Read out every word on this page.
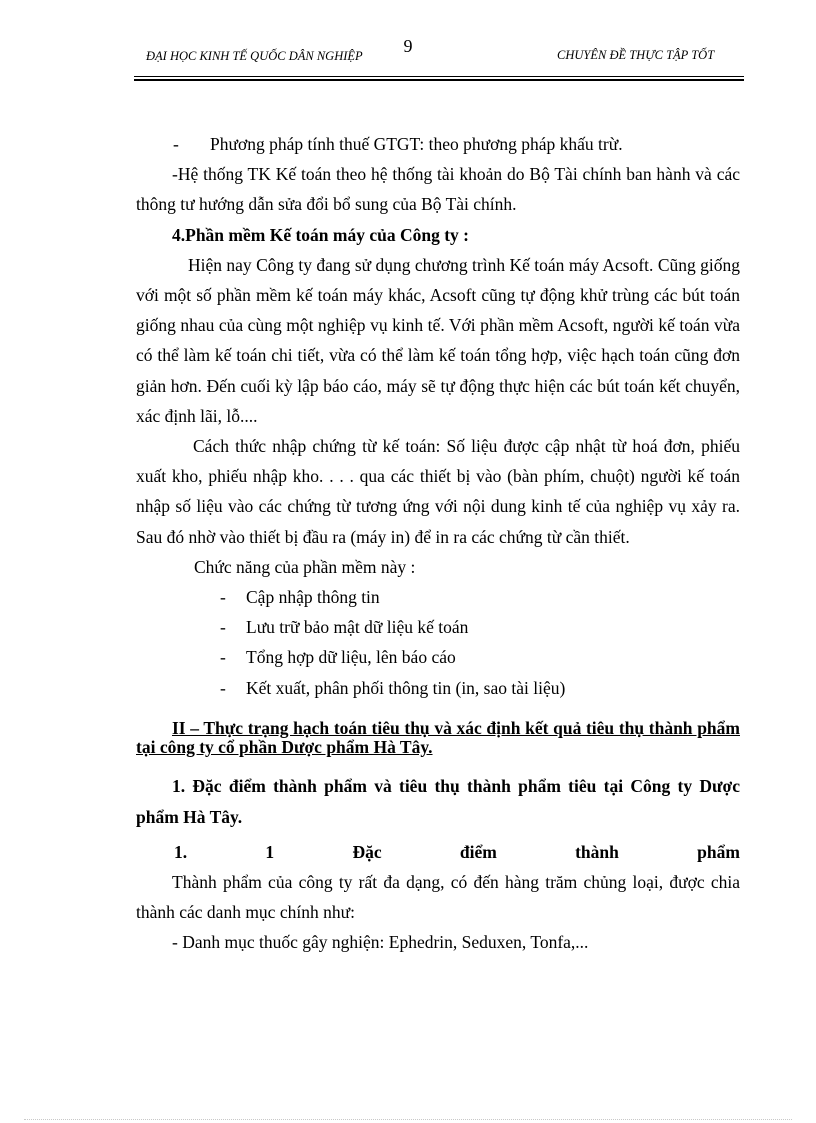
9
ĐẠI HỌC KINH TẾ QUỐC DÂN NGHIỆP	CHUYÊN ĐỀ THỰC TẬP TỐT

- Phương pháp tính thuế GTGT: theo phương pháp khấu trừ.

-Hệ thống TK Kế toán theo hệ thống tài khoản do Bộ Tài chính ban hành và các thông tư hướng dẫn sửa đổi bổ sung của Bộ Tài chính.

4.Phần mềm Kế toán máy của Công ty :

Hiện nay Công ty đang sử dụng chương trình Kế toán máy Acsoft. Cũng giống với một số phần mềm kế toán máy khác, Acsoft cũng tự động khử trùng các bút toán giống nhau của cùng một nghiệp vụ kinh tế. Với phần mềm Acsoft, người kế toán vừa có thể làm kế toán chi tiết, vừa có thể làm kế toán tổng hợp, việc hạch toán cũng đơn giản hơn. Đến cuối kỳ lập báo cáo, máy sẽ tự động thực hiện các bút toán kết chuyển, xác định lãi, lỗ....

Cách thức nhập chứng từ kế toán: Số liệu được cập nhật từ hoá đơn, phiếu xuất kho, phiếu nhập kho. . . . qua các thiết bị vào (bàn phím, chuột) người kế toán nhập số liệu vào các chứng từ tương ứng với nội dung kinh tế của nghiệp vụ xảy ra. Sau đó nhờ vào thiết bị đầu ra (máy in) để in ra các chứng từ cần thiết.

Chức năng của phần mềm này :

- Cập nhập thông tin

- Lưu trữ bảo mật dữ liệu kế toán

- Tổng hợp dữ liệu, lên báo cáo

- Kết xuất, phân phối thông tin (in, sao tài liệu)

II – Thực trạng hạch toán tiêu thụ và xác định kết quả tiêu thụ thành phẩm tại công ty cổ phần Dược phẩm Hà Tây.

1. Đặc điểm thành phẩm và tiêu thụ thành phẩm tiêu tại Công ty Dược phẩm Hà Tây.

1.	1	Đặc	điểm	thành	phẩm

Thành phẩm của công ty rất đa dạng, có đến hàng trăm chủng loại, được chia thành các danh mục chính như:

- Danh mục thuốc gây nghiện: Ephedrin, Seduxen, Tonfa,...
